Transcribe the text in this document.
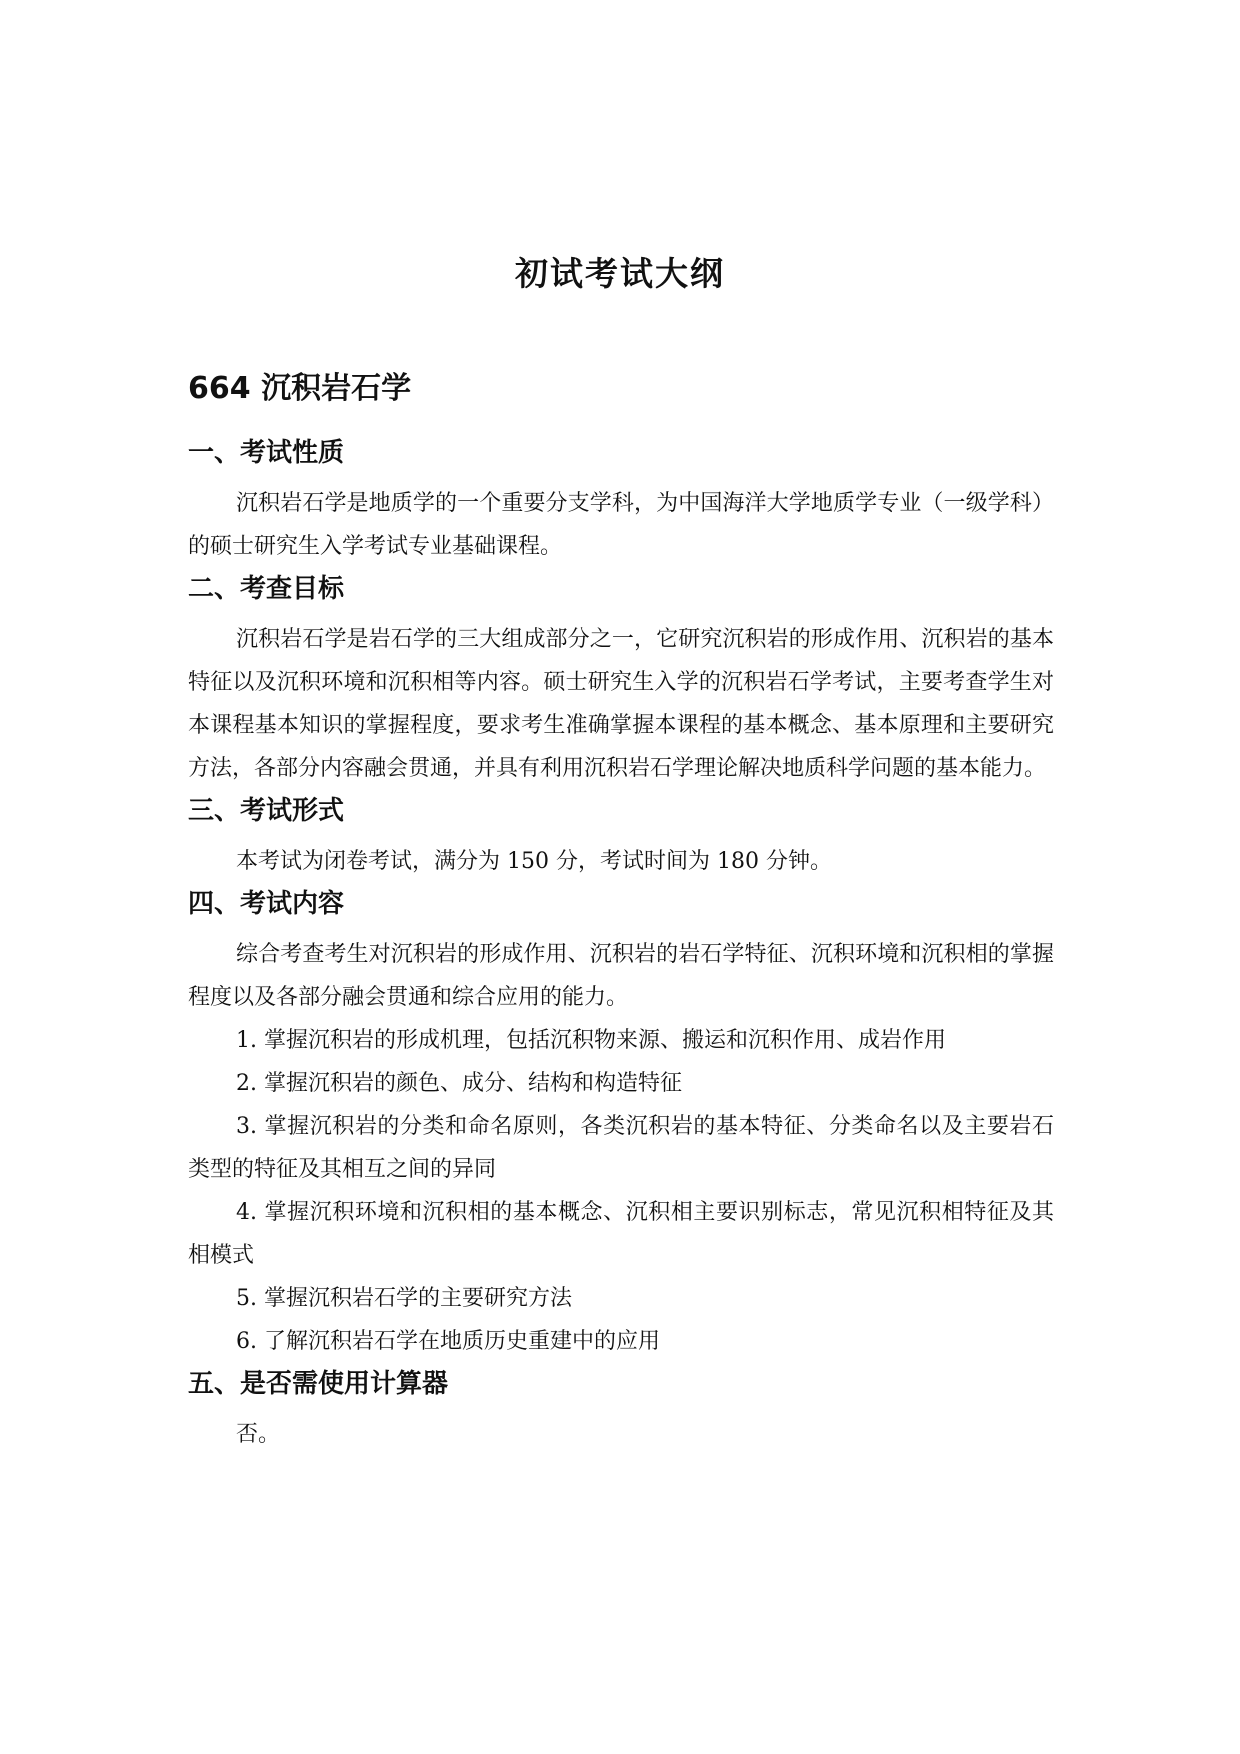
初试考试大纲
664 沉积岩石学
一、考试性质

沉积岩石学是地质学的一个重要分支学科，为中国海洋大学地质学专业（一级学科）的硕士研究生入学考试专业基础课程。

二、考查目标

沉积岩石学是岩石学的三大组成部分之一，它研究沉积岩的形成作用、沉积岩的基本特征以及沉积环境和沉积相等内容。硕士研究生入学的沉积岩石学考试，主要考查学生对本课程基本知识的掌握程度，要求考生准确掌握本课程的基本概念、基本原理和主要研究方法，各部分内容融会贯通，并具有利用沉积岩石学理论解决地质科学问题的基本能力。

三、考试形式

本考试为闭卷考试，满分为 150 分，考试时间为 180 分钟。

四、考试内容

综合考查考生对沉积岩的形成作用、沉积岩的岩石学特征、沉积环境和沉积相的掌握程度以及各部分融会贯通和综合应用的能力。

1. 掌握沉积岩的形成机理，包括沉积物来源、搬运和沉积作用、成岩作用

2. 掌握沉积岩的颜色、成分、结构和构造特征

3. 掌握沉积岩的分类和命名原则，各类沉积岩的基本特征、分类命名以及主要岩石类型的特征及其相互之间的异同

4. 掌握沉积环境和沉积相的基本概念、沉积相主要识别标志，常见沉积相特征及其相模式

5. 掌握沉积岩石学的主要研究方法

6. 了解沉积岩石学在地质历史重建中的应用

五、是否需使用计算器

否。
